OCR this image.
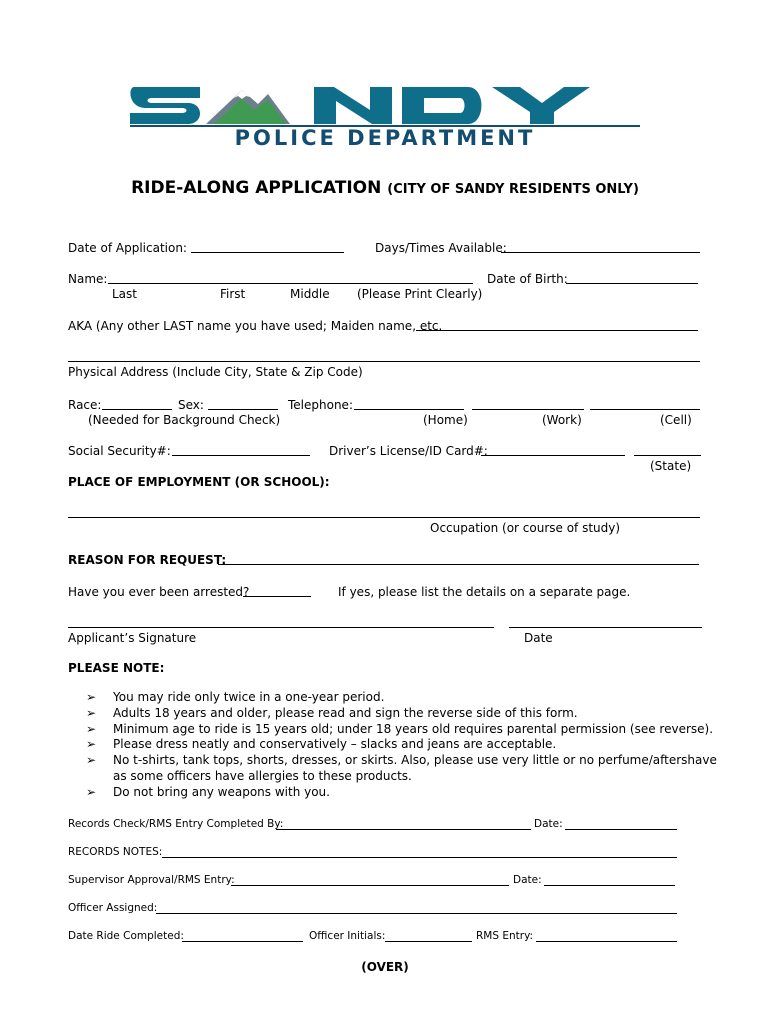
POLICE DEPARTMENT
RIDE-ALONG APPLICATION (CITY OF SANDY RESIDENTS ONLY)
Date of Application:	Days/Times Available:
Name:	Date of Birth:
Last	First	Middle (Please Print Clearly)
AKA (Any other LAST name you have used; Maiden name, etc.
Physical Address (Include City, State & Zip Code)
Race:	Sex:	Telephone:
(Needed for Background Check)	(Home)	(Work)	(Cell)
Social Security#:	Driver’s License/ID Card#:
(State)
PLACE OF EMPLOYMENT (OR SCHOOL):
Occupation (or course of study)
REASON FOR REQUEST:
Have you ever been arrested?	If yes, please list the details on a separate page.
Applicant’s Signature	Date
PLEASE NOTE:
➢ You may ride only twice in a one-year period.
➢ Adults 18 years and older, please read and sign the reverse side of this form.
➢ Minimum age to ride is 15 years old; under 18 years old requires parental permission (see reverse).
➢ Please dress neatly and conservatively – slacks and jeans are acceptable.
➢ No t-shirts, tank tops, shorts, dresses, or skirts. Also, please use very little or no perfume/aftershave as some officers have allergies to these products.
➢ Do not bring any weapons with you.
Records Check/RMS Entry Completed By:	Date:
RECORDS NOTES:
Supervisor Approval/RMS Entry:	Date:
Officer Assigned:
Date Ride Completed:	Officer Initials:	RMS Entry:
(OVER)
